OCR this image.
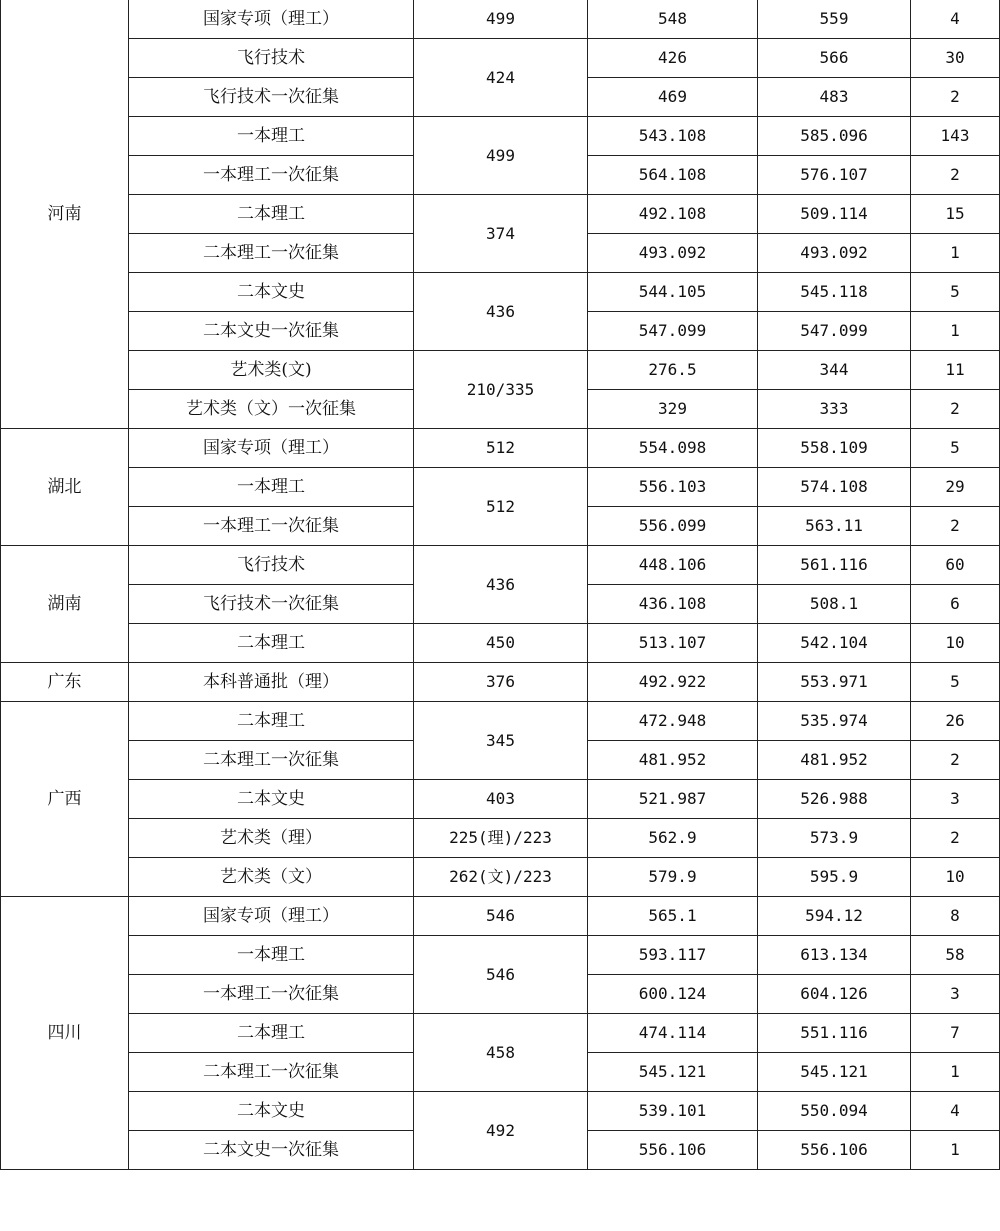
河南	国家专项（理工）	499	548	559	4
	飞行技术	424	426	566	30
	飞行技术一次征集		469	483	2
	一本理工	499	543.108	585.096	143
	一本理工一次征集		564.108	576.107	2
	二本理工	374	492.108	509.114	15
	二本理工一次征集		493.092	493.092	1
	二本文史	436	544.105	545.118	5
	二本文史一次征集		547.099	547.099	1
	艺术类(文)	210/335	276.5	344	11
	艺术类（文）一次征集		329	333	2
湖北	国家专项（理工）	512	554.098	558.109	5
	一本理工	512	556.103	574.108	29
	一本理工一次征集		556.099	563.11	2
湖南	飞行技术	436	448.106	561.116	60
	飞行技术一次征集		436.108	508.1	6
	二本理工	450	513.107	542.104	10
广东	本科普通批（理）	376	492.922	553.971	5
广西	二本理工	345	472.948	535.974	26
	二本理工一次征集		481.952	481.952	2
	二本文史	403	521.987	526.988	3
	艺术类（理）	225(理)/223	562.9	573.9	2
	艺术类（文）	262(文)/223	579.9	595.9	10
四川	国家专项（理工）	546	565.1	594.12	8
	一本理工	546	593.117	613.134	58
	一本理工一次征集		600.124	604.126	3
	二本理工	458	474.114	551.116	7
	二本理工一次征集		545.121	545.121	1
	二本文史	492	539.101	550.094	4
	二本文史一次征集		556.106	556.106	1
